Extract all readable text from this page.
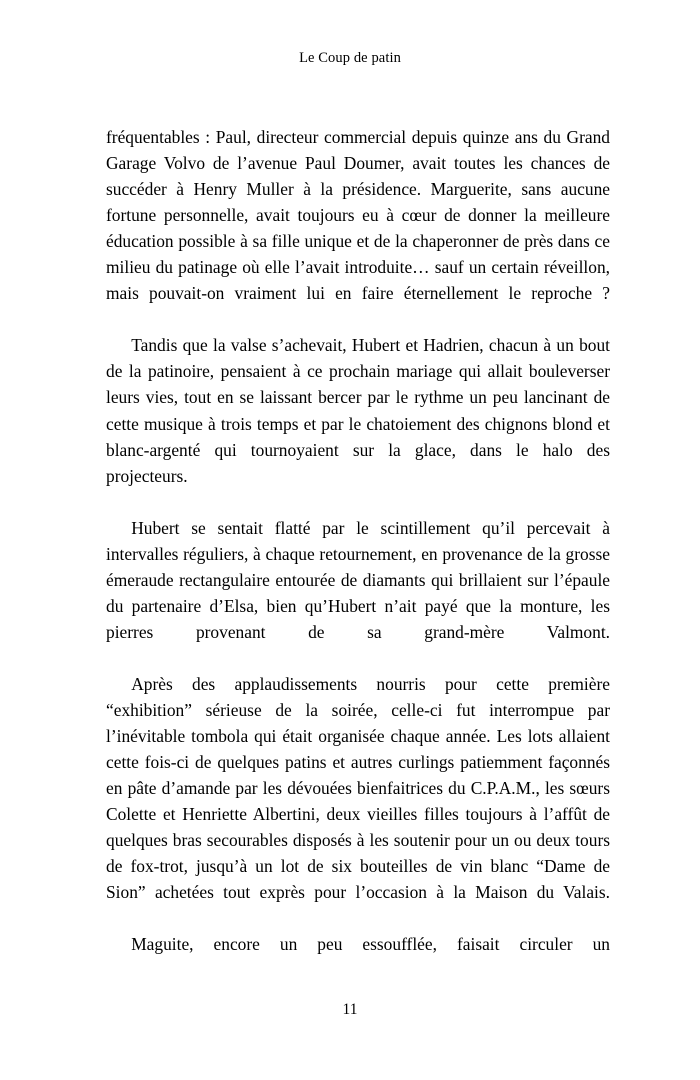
Le Coup de patin

fréquentables : Paul, directeur commercial depuis quinze ans du Grand Garage Volvo de l’avenue Paul Doumer, avait toutes les chances de succéder à Henry Muller à la présidence. Marguerite, sans aucune fortune personnelle, avait toujours eu à cœur de donner la meilleure éducation possible à sa fille unique et de la chaperonner de près dans ce milieu du patinage où elle l’avait introduite… sauf un certain réveillon, mais pouvait-on vraiment lui en faire éternellement le reproche ?

Tandis que la valse s’achevait, Hubert et Hadrien, chacun à un bout de la patinoire, pensaient à ce prochain mariage qui allait bouleverser leurs vies, tout en se laissant bercer par le rythme un peu lancinant de cette musique à trois temps et par le chatoiement des chignons blond et blanc-argenté qui tournoyaient sur la glace, dans le halo des projecteurs.

Hubert se sentait flatté par le scintillement qu’il percevait à intervalles réguliers, à chaque retournement, en provenance de la grosse émeraude rectangulaire entourée de diamants qui brillaient sur l’épaule du partenaire d’Elsa, bien qu’Hubert n’ait payé que la monture, les pierres provenant de sa grand-mère Valmont.

Après des applaudissements nourris pour cette première “exhibition” sérieuse de la soirée, celle-ci fut interrompue par l’inévitable tombola qui était organisée chaque année. Les lots allaient cette fois-ci de quelques patins et autres curlings patiemment façonnés en pâte d’amande par les dévouées bienfaitrices du C.P.A.M., les sœurs Colette et Henriette Albertini, deux vieilles filles toujours à l’affût de quelques bras secourables disposés à les soutenir pour un ou deux tours de fox-trot, jusqu’à un lot de six bouteilles de vin blanc “Dame de Sion” achetées tout exprès pour l’occasion à la Maison du Valais.

Maguite, encore un peu essoufflée, faisait circuler un

11
